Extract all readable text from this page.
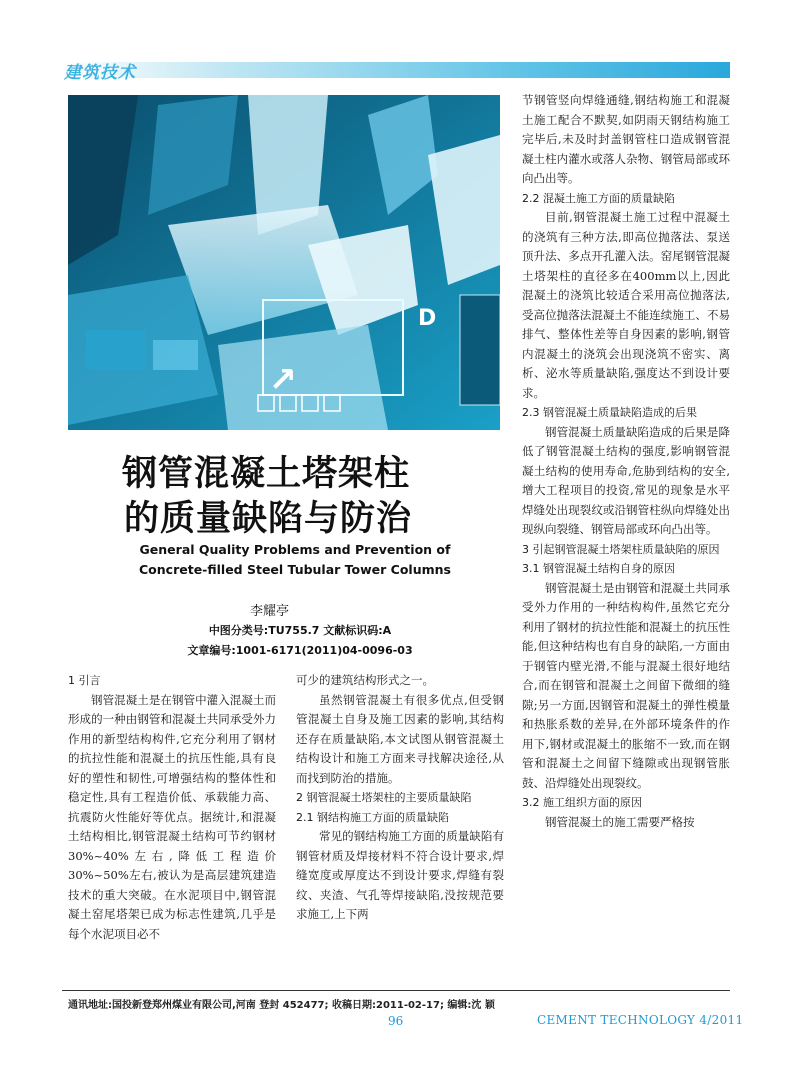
建筑技术
→
D
钢管混凝土塔架柱
的质量缺陷与防治
General Quality Problems and Prevention of
Concrete-filled Steel Tubular Tower Columns
李耀亭
中图分类号:TU755.7 文献标识码:A
文章编号:1001-6171(2011)04-0096-03

1 引言

钢管混凝土是在钢管中灌入混凝土而形成的一种由钢管和混凝土共同承受外力作用的新型结构构件,它充分利用了钢材的抗拉性能和混凝土的抗压性能,具有良好的塑性和韧性,可增强结构的整体性和稳定性,具有工程造价低、承载能力高、抗震防火性能好等优点。据统计,和混凝土结构相比,钢管混凝土结构可节约钢材30%~40%左右,降低工程造价30%~50%左右,被认为是高层建筑建造技术的重大突破。在水泥项目中,钢管混凝土窑尾塔架已成为标志性建筑,几乎是每个水泥项目必不

可少的建筑结构形式之一。

虽然钢管混凝土有很多优点,但受钢管混凝土自身及施工因素的影响,其结构还存在质量缺陷,本文试图从钢管混凝土结构设计和施工方面来寻找解决途径,从而找到防治的措施。

2 钢管混凝土塔架柱的主要质量缺陷

2.1 钢结构施工方面的质量缺陷

常见的钢结构施工方面的质量缺陷有钢管材质及焊接材料不符合设计要求,焊缝宽度或厚度达不到设计要求,焊缝有裂纹、夹渣、气孔等焊接缺陷,没按规范要求施工,上下两

节钢管竖向焊缝通缝,钢结构施工和混凝土施工配合不默契,如阴雨天钢结构施工完毕后,未及时封盖钢管柱口造成钢管混凝土柱内灌水或落人杂物、钢管局部或环向凸出等。

2.2 混凝土施工方面的质量缺陷

目前,钢管混凝土施工过程中混凝土的浇筑有三种方法,即高位抛落法、泵送顶升法、多点开孔灌入法。窑尾钢管混凝土塔架柱的直径多在400mm以上,因此混凝土的浇筑比较适合采用高位抛落法,受高位抛落法混凝土不能连续施工、不易排气、整体性差等自身因素的影响,钢管内混凝土的浇筑会出现浇筑不密实、离析、泌水等质量缺陷,强度达不到设计要求。

2.3 钢管混凝土质量缺陷造成的后果

钢管混凝土质量缺陷造成的后果是降低了钢管混凝土结构的强度,影响钢管混凝土结构的使用寿命,危胁到结构的安全,增大工程项目的投资,常见的现象是水平焊缝处出现裂纹或沿钢管柱纵向焊缝处出现纵向裂缝、钢管局部或环向凸出等。

3 引起钢管混凝土塔架柱质量缺陷的原因

3.1 钢管混凝土结构自身的原因

钢管混凝土是由钢管和混凝土共同承受外力作用的一种结构构件,虽然它充分利用了钢材的抗拉性能和混凝土的抗压性能,但这种结构也有自身的缺陷,一方面由于钢管内壁光滑,不能与混凝土很好地结合,而在钢管和混凝土之间留下微细的缝隙;另一方面,因钢管和混凝土的弹性模量和热胀系数的差异,在外部环境条件的作用下,钢材或混凝土的胀缩不一致,而在钢管和混凝土之间留下缝隙或出现钢管胀鼓、沿焊缝处出现裂纹。

3.2 施工组织方面的原因

钢管混凝土的施工需要严格按

通讯地址:国投新登郑州煤业有限公司,河南 登封 452477; 收稿日期:2011-02-17; 编辑:沈 颖
96	CEMENT TECHNOLOGY 4/2011
